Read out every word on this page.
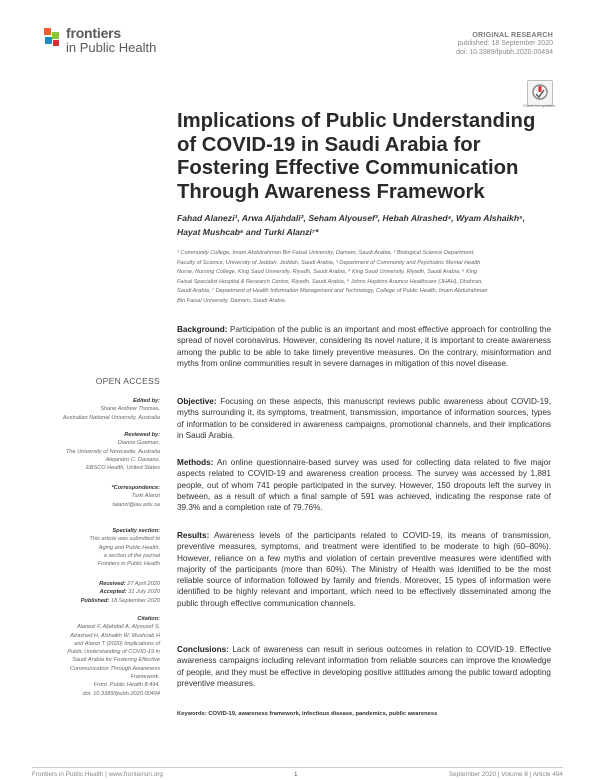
frontiers
in Public Health
ORIGINAL RESEARCH
published: 18 September 2020
doi: 10.3389/fpubh.2020.00494
Check for updates
Implications of Public Understanding
of COVID-19 in Saudi Arabia for
Fostering Effective Communication
Through Awareness Framework
Fahad Alanezi¹, Arwa Aljahdali², Seham Alyousef³, Hebah Alrashed⁴, Wyam Alshaikh⁵,
Hayat Mushcab⁶ and Turki Alanzi⁷*
¹ Community College, Imam Abdulrahman Bin Faisal University, Damam, Saudi Arabia, ² Biological Science Department,
Faculty of Science, University of Jeddah, Jeddah, Saudi Arabia, ³ Department of Community and Psychiatric Mental Health
Nurse, Nursing College, King Saud University, Riyadh, Saudi Arabia, ⁴ King Saud University, Riyadh, Saudi Arabia, ⁵ King
Faisal Specialist Hospital & Research Centre, Riyadh, Saudi Arabia, ⁶ Johns Hopkins Aramco Healthcare (JHAH), Dhahran,
Saudi Arabia, ⁷ Department of Health Information Management and Technology, College of Public Health, Imam Abdulrahman
Bin Faisal University, Damam, Saudi Arabia
OPEN ACCESS
Edited by:
Shane Andrew Thomas,
Australian National University, Australia
Reviewed by:
Dianne Goeman,
The University of Newcastle, Australia
Alejandro C. Daviano,
EBSCO Health, United States
*Correspondence:
Turki Alanzi
talanzi@iau.edu.sa
Specialty section:
This article was submitted to
Aging and Public Health,
a section of the journal
Frontiers in Public Health
Received: 27 April 2020
Accepted: 31 July 2020
Published: 18 September 2020
Citation:
Alanezi F, Aljahdali A, Alyousef S,
Alrashed H, Alshaikh W, Mushcab H
and Alanzi T (2020) Implications of
Public Understanding of COVID-19 in
Saudi Arabia for Fostering Effective
Communication Through Awareness
Framework.
Front. Public Health 8:494.
doi: 10.3389/fpubh.2020.00494
Background: Participation of the public is an important and most effective approach for controlling the spread of novel coronavirus. However, considering its novel nature, it is important to create awareness among the public to be able to take timely preventive measures. On the contrary, misinformation and myths from online communities result in severe damages in mitigation of this novel disease.
Objective: Focusing on these aspects, this manuscript reviews public awareness about COVID-19, myths surrounding it, its symptoms, treatment, transmission, importance of information sources, types of information to be considered in awareness campaigns, promotional channels, and their implications in Saudi Arabia.
Methods: An online questionnaire-based survey was used for collecting data related to five major aspects related to COVID-19 and awareness creation process. The survey was accessed by 1,881 people, out of whom 741 people participated in the survey. However, 150 dropouts left the survey in between, as a result of which a final sample of 591 was achieved, indicating the response rate of 39.3% and a completion rate of 79.76%.
Results: Awareness levels of the participants related to COVID-19, its means of transmission, preventive measures, symptoms, and treatment were identified to be moderate to high (60–80%). However, reliance on a few myths and violation of certain preventive measures were identified with majority of the participants (more than 60%). The Ministry of Health was identified to be the most reliable source of information followed by family and friends. Moreover, 15 types of information were identified to be highly relevant and important, which need to be effectively disseminated among the public through effective communication channels.
Conclusions: Lack of awareness can result in serious outcomes in relation to COVID-19. Effective awareness campaigns including relevant information from reliable sources can improve the knowledge of people, and they must be effective in developing positive attitudes among the public toward adopting preventive measures.
Keywords: COVID-19, awareness framework, infectious disease, pandemics, public awareness
Frontiers in Public Health | www.frontiersin.org	1	September 2020 | Volume 8 | Article 494
